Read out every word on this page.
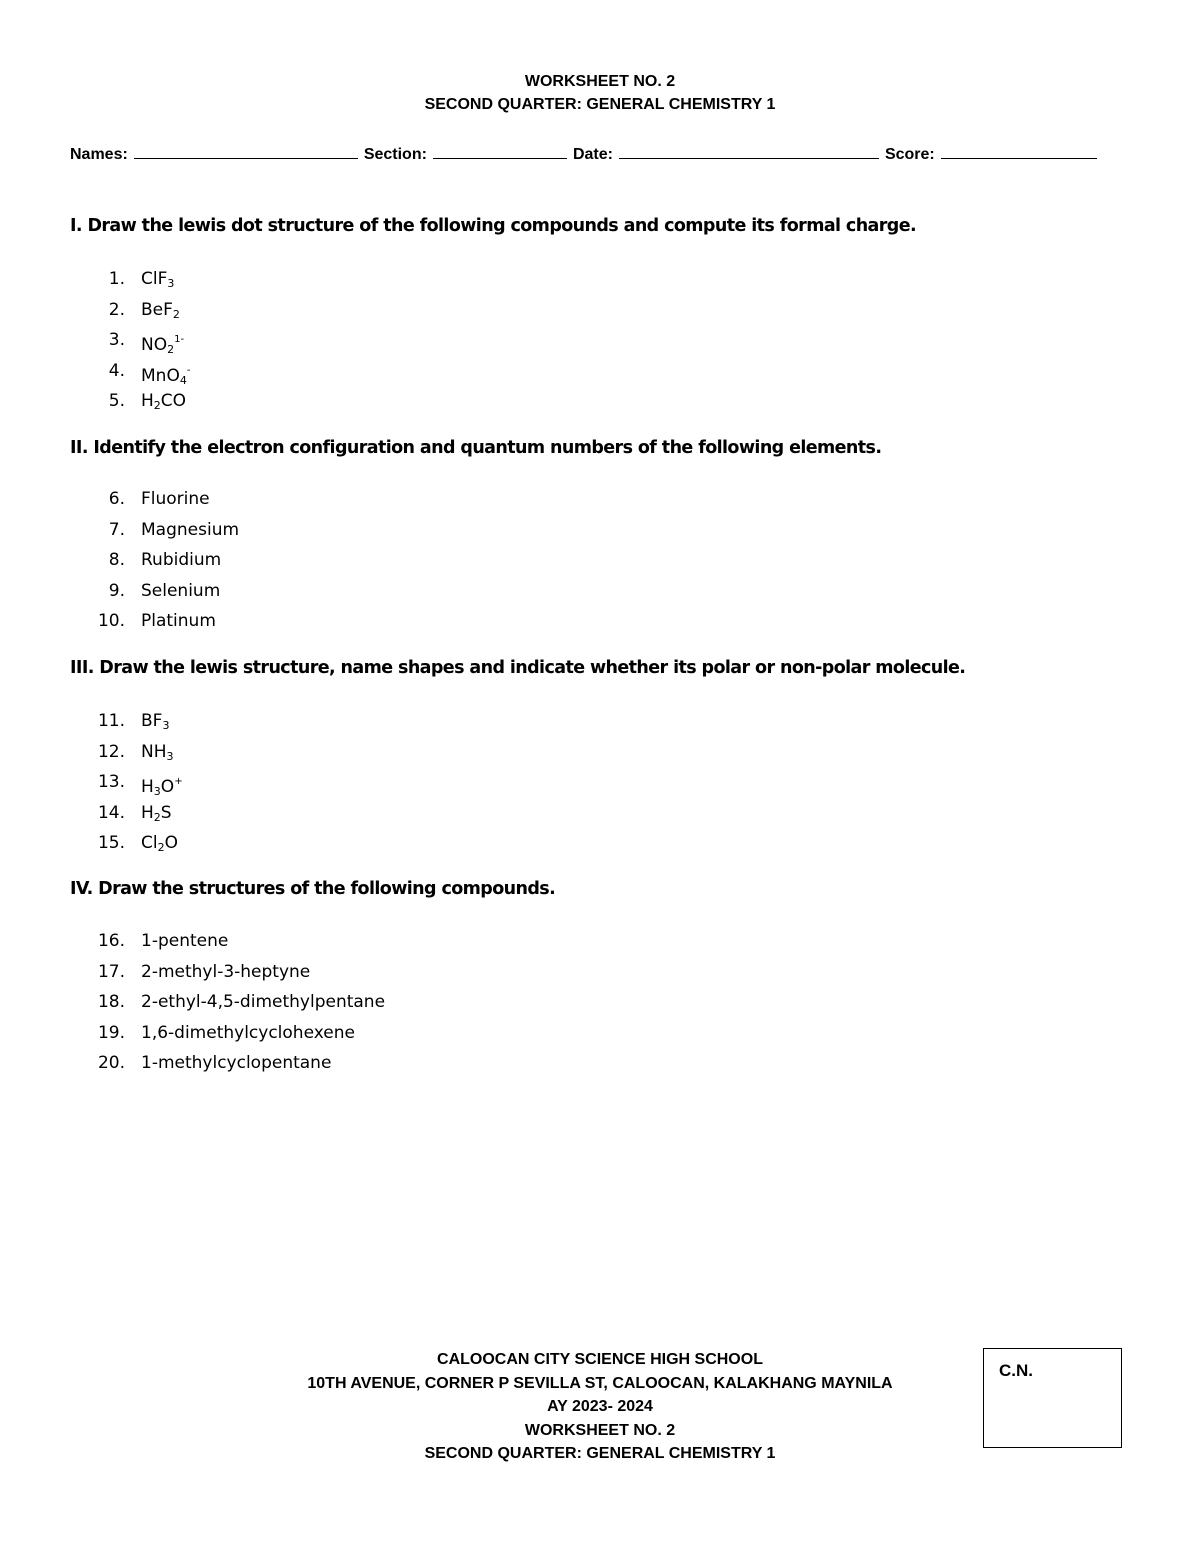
WORKSHEET NO. 2
SECOND QUARTER: GENERAL CHEMISTRY 1
Names:	Section:	Date:	Score:
I. Draw the lewis dot structure of the following compounds and compute its formal charge.
1. ClF$_3$
2. BeF$_2$
3. $NO_2^{1-}$
4. MnO$_4$-
5. $H_2CO$
II. Identify the electron configuration and quantum numbers of the following elements.
6. Fluorine
7. Magnesium
8. Rubidium
9. Selenium
10. Platinum
III. Draw the lewis structure, name shapes and indicate whether its polar or non-polar molecule.
11. $BF_3$
12. $NH_3$
13. $H_3O^+$
14. $H_2S$
15. $Cl_2O$
IV. Draw the structures of the following compounds.
16. 1-pentene
17. 2-methyl-3-heptyne
18. 2-ethyl-4,5-dimethylpentane
19. 1,6-dimethylcyclohexene
20. 1-methylcyclopentane
CALOOCAN CITY SCIENCE HIGH SCHOOL
10TH AVENUE, CORNER P SEVILLA ST, CALOOCAN, KALAKHANG MAYNILA
AY 2023- 2024
WORKSHEET NO. 2
SECOND QUARTER: GENERAL CHEMISTRY 1
C.N.
